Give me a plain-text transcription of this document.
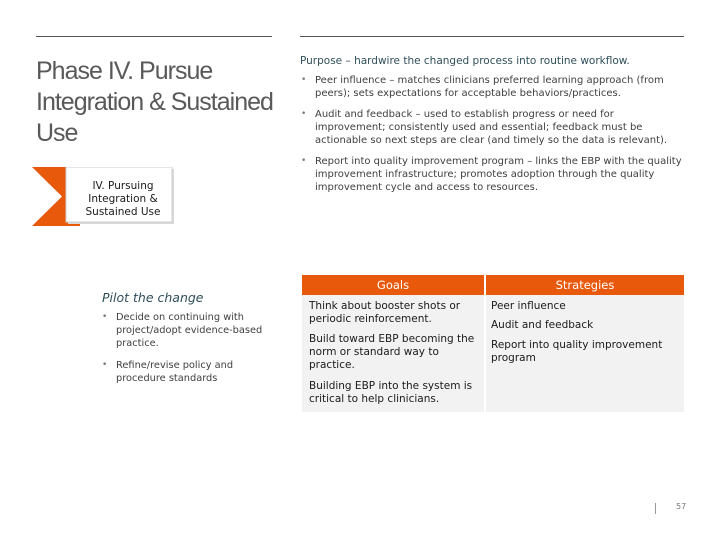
Phase IV. Pursue Integration & Sustained Use
IV. Pursuing Integration & Sustained Use
Purpose – hardwire the changed process into routine workflow.
• Peer influence – matches clinicians preferred learning approach (from peers); sets expectations for acceptable behaviors/practices.
• Audit and feedback – used to establish progress or need for improvement; consistently used and essential; feedback must be actionable so next steps are clear (and timely so the data is relevant).
• Report into quality improvement program – links the EBP with the quality improvement infrastructure; promotes adoption through the quality improvement cycle and access to resources.
Pilot the change
• Decide on continuing with project/adopt evidence-based practice.
• Refine/revise policy and procedure standards
Goals	Strategies
Think about booster shots or periodic reinforcement.
Build toward EBP becoming the norm or standard way to practice.
Building EBP into the system is critical to help clinicians.
Peer influence
Audit and feedback
Report into quality improvement program
57
